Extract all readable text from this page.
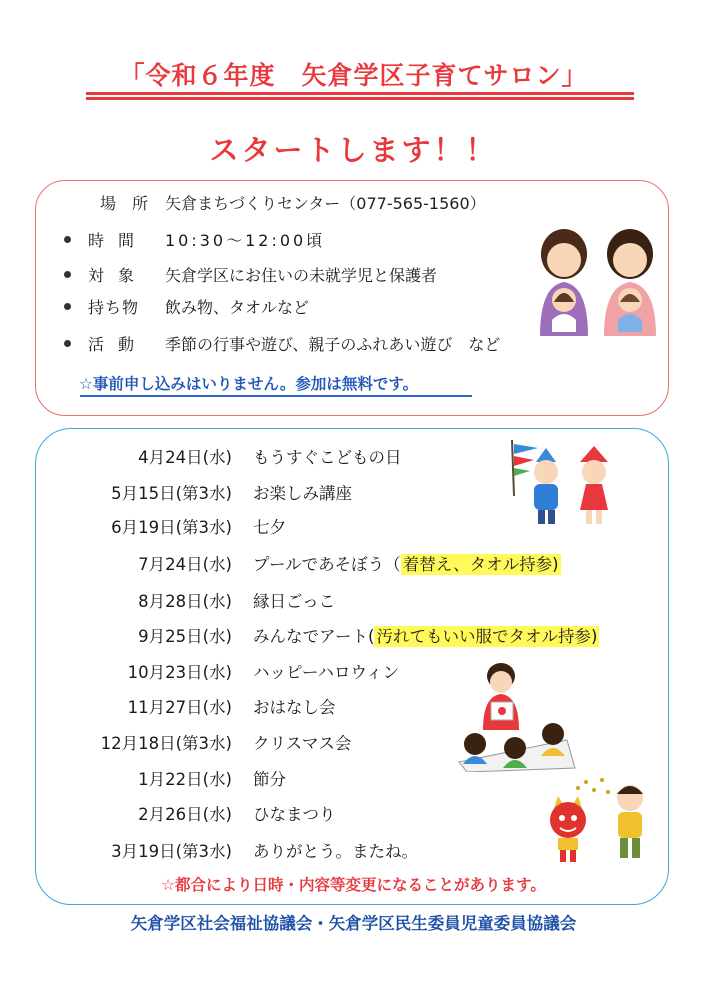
「令和６年度　矢倉学区子育てサロン」
スタートします！！
場　所 矢倉まちづくりセンター（077-565-1560）
時間 10:30～12:00頃
対象 矢倉学区にお住いの未就学児と保護者
持ち物 飲み物、タオルなど
活動 季節の行事や遊び、親子のふれあい遊び　など
☆事前申し込みはいりません。参加は無料です。
4月24日(水) もうすぐこどもの日
5月15日(第3水) お楽しみ講座
6月19日(第3水) 七夕
7月24日(水) プールであそぼう（ 着替え、タオル持参)
8月28日(水) 縁日ごっこ
9月25日(水) みんなでアート( 汚れてもいい服でタオル持参)
10月23日(水) ハッピーハロウィン
11月27日(水) おはなし会
12月18日(第3水) クリスマス会
1月22日(水) 節分
2月26日(水) ひなまつり
3月19日(第3水) ありがとう。またね。
☆都合により日時・内容等変更になることがあります。
矢倉学区社会福祉協議会・矢倉学区民生委員児童委員協議会
